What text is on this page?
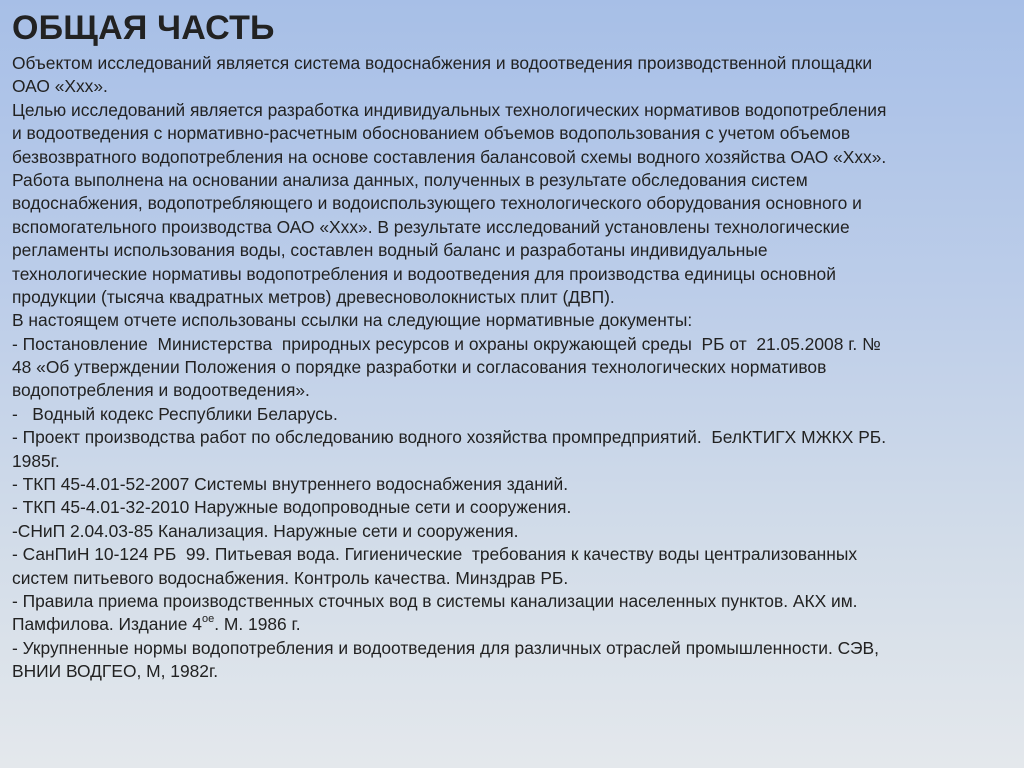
ОБЩАЯ ЧАСТЬ
Объектом исследований является система водоснабжения и водоотведения производственной площадки
ОАО «Ххх».
Целью исследований является разработка индивидуальных технологических нормативов водопотребления
и водоотведения с нормативно-расчетным обоснованием объемов водопользования с учетом объемов
безвозвратного водопотребления на основе составления балансовой схемы водного хозяйства ОАО «Ххх».
Работа выполнена на основании анализа данных, полученных в результате обследования систем
водоснабжения, водопотребляющего и водоиспользующего технологического оборудования основного и
вспомогательного производства ОАО «Ххх». В результате исследований установлены технологические
регламенты использования воды, составлен водный баланс и разработаны индивидуальные
технологические нормативы водопотребления и водоотведения для производства единицы основной
продукции (тысяча квадратных метров) древесноволокнистых плит (ДВП).
В настоящем отчете использованы ссылки на следующие нормативные документы:
- Постановление  Министерства  природных ресурсов и охраны окружающей среды  РБ от  21.05.2008 г. №
48 «Об утверждении Положения о порядке разработки и согласования технологических нормативов
водопотребления и водоотведения».
-   Водный кодекс Республики Беларусь.
- Проект производства работ по обследованию водного хозяйства промпредприятий.  БелКТИГХ МЖКХ РБ.
1985г.
- ТКП 45-4.01-52-2007 Системы внутреннего водоснабжения зданий.
- ТКП 45-4.01-32-2010 Наружные водопроводные сети и сооружения.
-СНиП 2.04.03-85 Канализация. Наружные сети и сооружения.
- СанПиН 10-124 РБ  99. Питьевая вода. Гигиенические  требования к качеству воды централизованных
систем питьевого водоснабжения. Контроль качества. Минздрав РБ.
- Правила приема производственных сточных вод в системы канализации населенных пунктов. АКХ им.
Памфилова. Издание $4^{ое}$. М. 1986 г.
- Укрупненные нормы водопотребления и водоотведения для различных отраслей промышленности. СЭВ,
ВНИИ ВОДГЕО, М, 1982г.
